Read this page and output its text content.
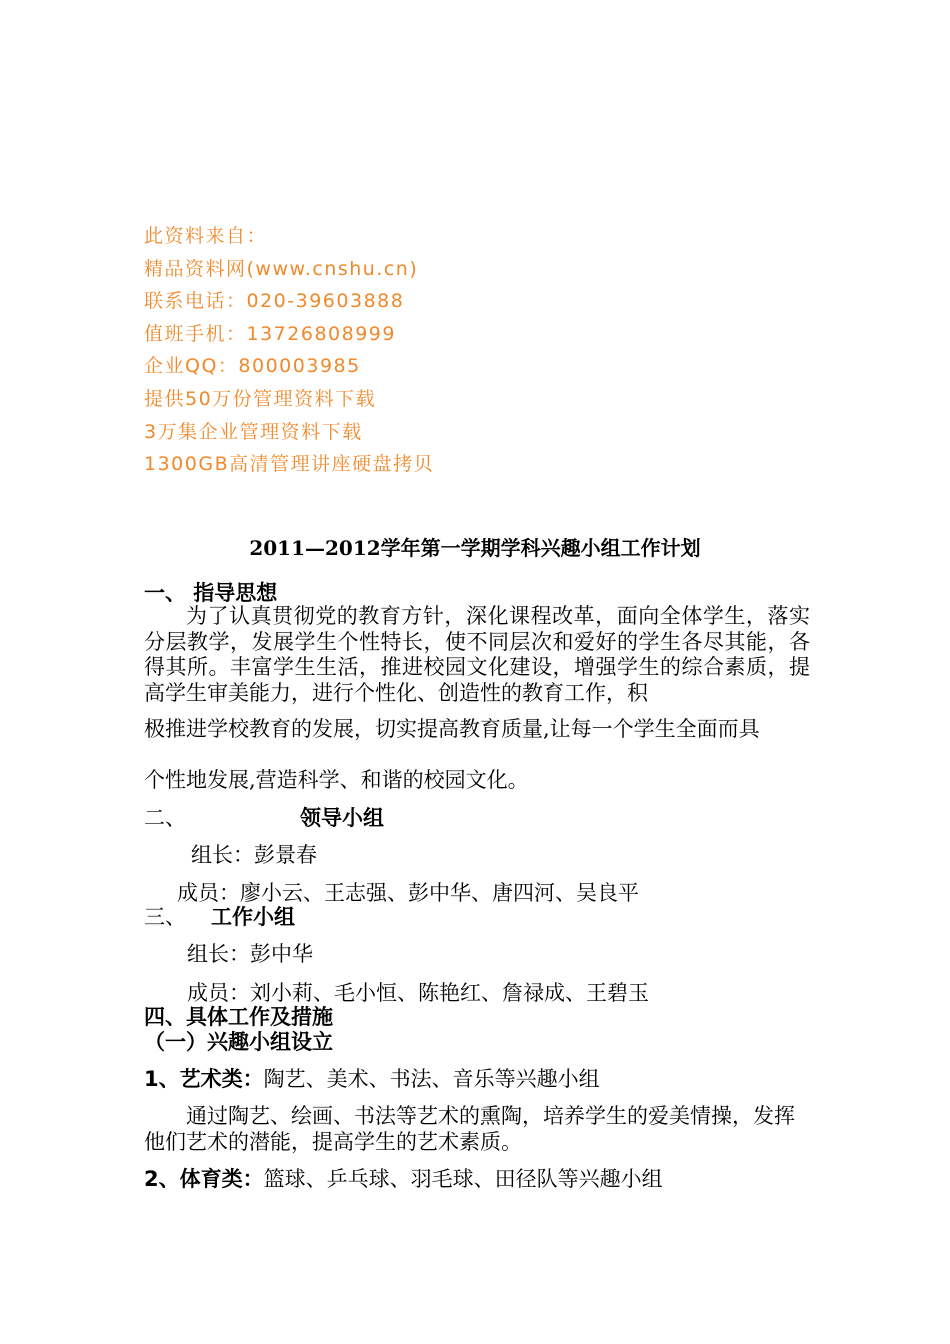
此资料来自：
精品资料网(www.cnshu.cn)
联系电话：020-39603888
值班手机：13726808999
企业QQ：800003985
提供50万份管理资料下载
3万集企业管理资料下载
1300GB高清管理讲座硬盘拷贝
2011—2012学年第一学期学科兴趣小组工作计划
一、 指导思想
为了认真贯彻党的教育方针，深化课程改革，面向全体学生，落实分层教学，发展学生个性特长，使不同层次和爱好的学生各尽其能，各得其所。丰富学生生活，推进校园文化建设，增强学生的综合素质，提高学生审美能力，进行个性化、创造性的教育工作，积
极推进学校教育的发展，切实提高教育质量,让每一个学生全面而具
个性地发展,营造科学、和谐的校园文化。
二、	领导小组
组长：彭景春
成员：廖小云、王志强、彭中华、唐四河、吴良平
三、 工作小组
组长：彭中华
成员：刘小莉、毛小恒、陈艳红、詹禄成、王碧玉
四、具体工作及措施
（一）兴趣小组设立
1、艺术类：陶艺、美术、书法、音乐等兴趣小组
通过陶艺、绘画、书法等艺术的熏陶，培养学生的爱美情操，发挥他们艺术的潜能，提高学生的艺术素质。
2、体育类：篮球、乒乓球、羽毛球、田径队等兴趣小组
